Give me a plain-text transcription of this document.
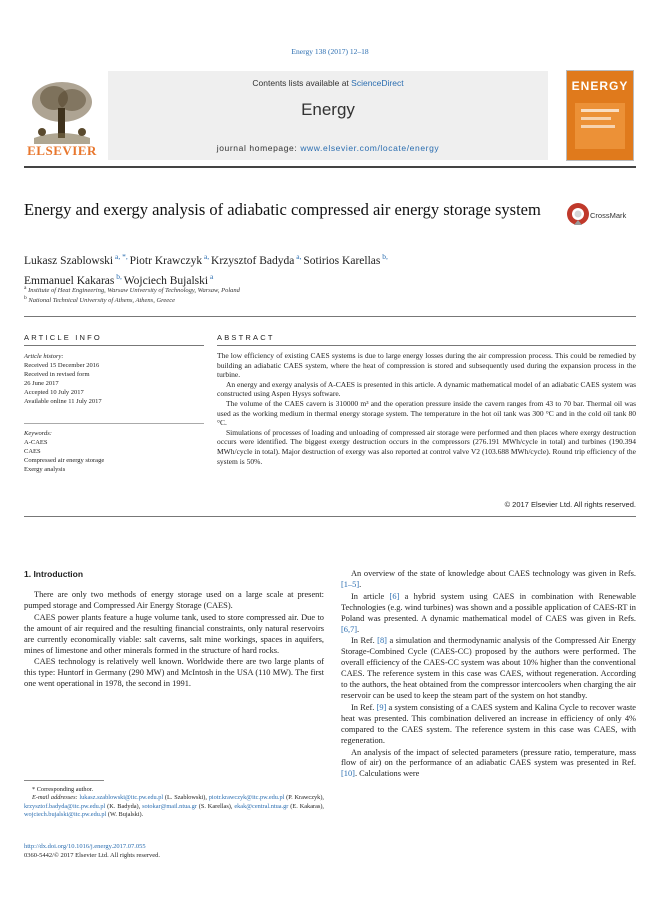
Energy 138 (2017) 12–18
ELSEVIER
Contents lists available at ScienceDirect
Energy
journal homepage: www.elsevier.com/locate/energy
ENERGY
Energy and exergy analysis of adiabatic compressed air energy storage system	CrossMark
Lukasz Szablowski $^{a, *,}$ Piotr Krawczyk $^{a,}$ Krzysztof Badyda $^{a,}$ Sotirios Karellas $^{b,}$
Emmanuel Kakaras $^{b,}$ Wojciech Bujalski $^a$
$^a$ Institute of Heat Engineering, Warsaw University of Technology, Warsaw, Poland
$^b$ National Technical University of Athens, Athens, Greece
ARTICLE INFO
Article history:
Received 15 December 2016
Received in revised form
26 June 2017
Accepted 10 July 2017
Available online 11 July 2017
Keywords:
A-CAES
CAES
Compressed air energy storage
Exergy analysis
ABSTRACT

The low efficiency of existing CAES systems is due to large energy losses during the air compression process. This could be remedied by building an adiabatic CAES system, where the heat of compression is stored and subsequently used during the expansion process in the turbine.

An energy and exergy analysis of A-CAES is presented in this article. A dynamic mathematical model of an adiabatic CAES system was constructed using Aspen Hysys software.

The volume of the CAES cavern is 310000 m³ and the operation pressure inside the cavern ranges from 43 to 70 bar. Thermal oil was used as the working medium in thermal energy storage system. The temperature in the hot oil tank was 300 °C and in the cold oil tank 80 °C.

Simulations of processes of loading and unloading of compressed air storage were performed and then places where exergy destruction occurs were identified. The biggest exergy destruction occurs in the compressors (276.191 MWh/cycle in total) and turbines (190.394 MWh/cycle in total). Major destruction of exergy was also reported at control valve V2 (103.688 MWh/cycle). Round trip efficiency of the system is 50%.

© 2017 Elsevier Ltd. All rights reserved.
1. Introduction

There are only two methods of energy storage used on a large scale at present: pumped storage and Compressed Air Energy Storage (CAES).

CAES power plants feature a huge volume tank, used to store compressed air. Due to the amount of air required and the resulting financial constraints, only natural reservoirs are currently economically viable: salt caverns, salt mine workings, spaces in aquifers, mines of limestone and other minerals formed in the structure of hard rocks.

CAES technology is relatively well known. Worldwide there are two large plants of this type: Huntorf in Germany (290 MW) and McIntosh in the USA (110 MW). The first one went operational in 1978, the second in 1991.

* Corresponding author.
E-mail addresses: lukasz.szablowski@itc.pw.edu.pl (L. Szablowski), piotr.krawczyk@itc.pw.edu.pl (P. Krawczyk), krzysztof.badyda@itc.pw.edu.pl (K. Badyda), sotokar@mail.ntua.gr (S. Karellas), ekak@central.ntua.gr (E. Kakaras), wojciech.bujalski@itc.pw.edu.pl (W. Bujalski).
http://dx.doi.org/10.1016/j.energy.2017.07.055
0360-5442/© 2017 Elsevier Ltd. All rights reserved.

An overview of the state of knowledge about CAES technology was given in Refs. [1–5].

In article [6] a hybrid system using CAES in combination with Renewable Technologies (e.g. wind turbines) was shown and a possible application of CAES-RT in Poland was presented. A dynamic mathematical model of CAES was given in Refs. [6,7].

In Ref. [8] a simulation and thermodynamic analysis of the Compressed Air Energy Storage-Combined Cycle (CAES-CC) proposed by the authors were performed. The overall efficiency of the CAES-CC system was about 10% higher than the conventional CAES. The reference system in this case was CAES, without regeneration. According to the authors, the heat obtained from the compressor intercoolers when charging the air reservoir can be used to keep the steam part of the system on hot standby.

In Ref. [9] a system consisting of a CAES system and Kalina Cycle to recover waste heat was presented. This combination delivered an increase in efficiency of only 4% compared to the CAES system. The reference system in this case was CAES, with regeneration.

An analysis of the impact of selected parameters (pressure ratio, temperature, mass flow of air) on the performance of an adiabatic CAES system was presented in Ref. [10]. Calculations were
